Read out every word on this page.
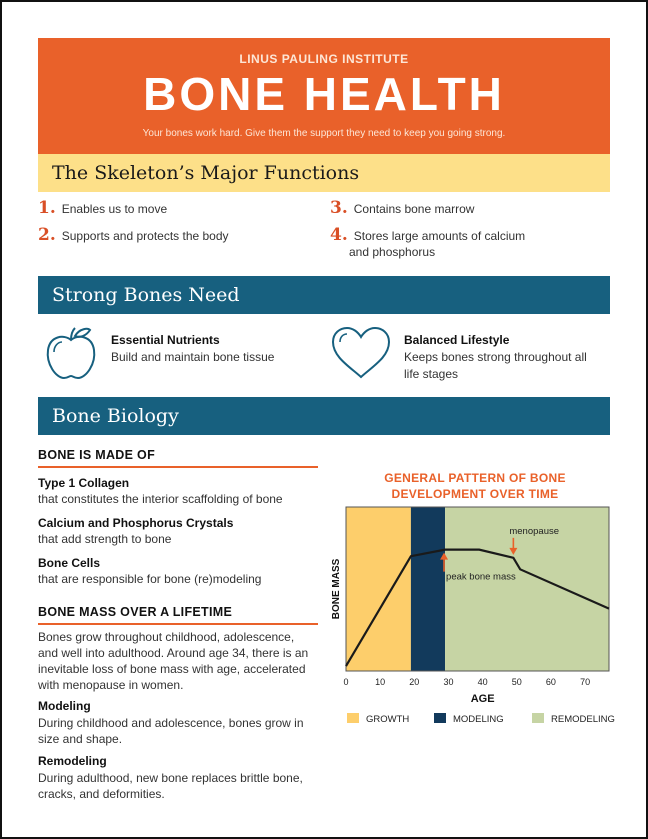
LINUS PAULING INSTITUTE
BONE HEALTH
Your bones work hard. Give them the support they need to keep you going strong.
The Skeleton’s Major Functions
1. Enables us to move
2. Supports and protects the body
3. Contains bone marrow
4. Stores large amounts of calcium
and phosphorus
Strong Bones Need
Essential Nutrients
Build and maintain bone tissue
Balanced Lifestyle
Keeps bones strong throughout all
life stages
Bone Biology
BONE IS MADE OF
Type 1 Collagen
that constitutes the interior scaffolding of bone
Calcium and Phosphorus Crystals
that add strength to bone
Bone Cells
that are responsible for bone (re)modeling
BONE MASS OVER A LIFETIME
Bones grow throughout childhood, adolescence,
and well into adulthood. Around age 34, there is an
inevitable loss of bone mass with age, accelerated
with menopause in women.
Modeling
During childhood and adolescence, bones grow in
size and shape.
Remodeling
During adulthood, new bone replaces brittle bone,
cracks, and deformities.
GENERAL PATTERN OF BONE
DEVELOPMENT OVER TIME
peak bone mass
menopause
0	10	20	30	40	50	60	70
AGE
BONE MASS
GROWTH	MODELING	REMODELING
